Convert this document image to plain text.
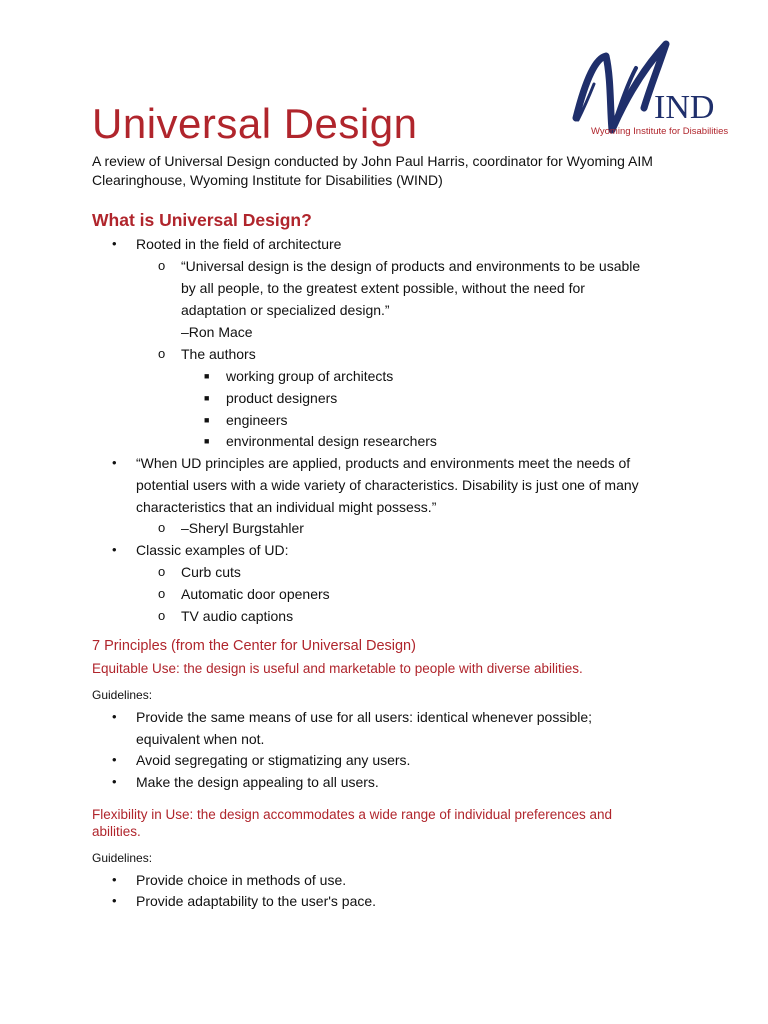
IND
Wyoming Institute for Disabilities
Universal Design

A review of Universal Design conducted by John Paul Harris, coordinator for Wyoming AIM Clearinghouse, Wyoming Institute for Disabilities (WIND)

What is Universal Design?
• Rooted in the field of architecture
o “Universal design is the design of products and environments to be usable
by all people, to the greatest extent possible, without the need for
adaptation or specialized design.”
–Ron Mace
o The authors
■ working group of architects
■ product designers
■ engineers
■ environmental design researchers
• “When UD principles are applied, products and environments meet the needs of
potential users with a wide variety of characteristics. Disability is just one of many
characteristics that an individual might possess.”
o –Sheryl Burgstahler
• Classic examples of UD:
o Curb cuts
o Automatic door openers
o TV audio captions
7 Principles (from the Center for Universal Design)
Equitable Use: the design is useful and marketable to people with diverse abilities.
Guidelines:
• Provide the same means of use for all users: identical whenever possible;
equivalent when not.
• Avoid segregating or stigmatizing any users.
• Make the design appealing to all users.
Flexibility in Use: the design accommodates a wide range of individual preferences and
abilities.
Guidelines:
• Provide choice in methods of use.
• Provide adaptability to the user's pace.
